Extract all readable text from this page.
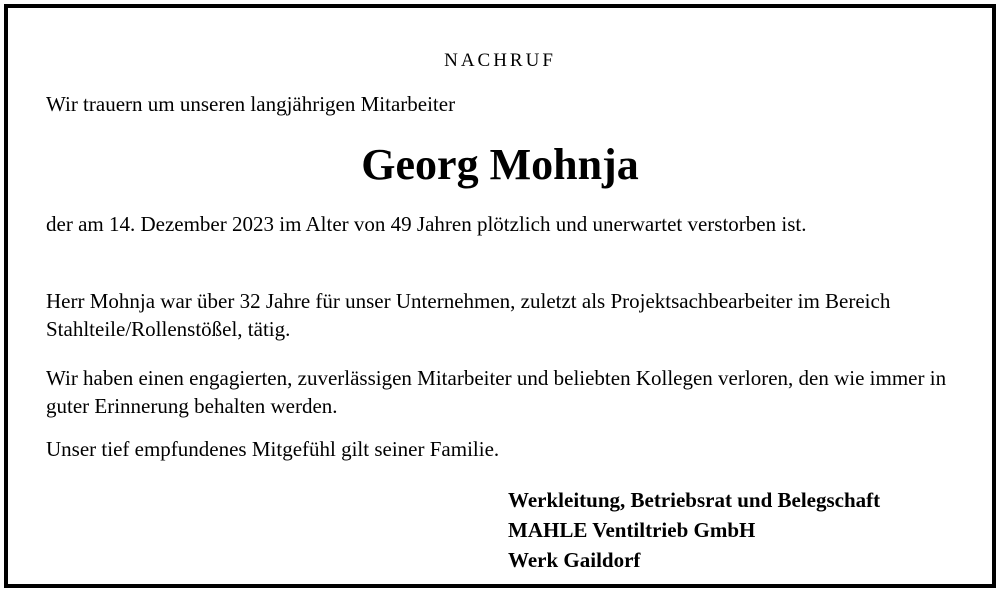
NACHRUF
Wir trauern um unseren langjährigen Mitarbeiter
Georg Mohnja

der am 14. Dezember 2023 im Alter von 49 Jahren plötzlich und unerwartet verstorben ist.

Herr Mohnja war über 32 Jahre für unser Unternehmen, zuletzt als Projektsachbearbeiter im Bereich Stahlteile/Rollenstößel, tätig.

Wir haben einen engagierten, zuverlässigen Mitarbeiter und beliebten Kollegen verloren, den wie immer in guter Erinnerung behalten werden.

Unser tief empfundenes Mitgefühl gilt seiner Familie.

Werkleitung, Betriebsrat und Belegschaft
MAHLE Ventiltrieb GmbH
Werk Gaildorf
